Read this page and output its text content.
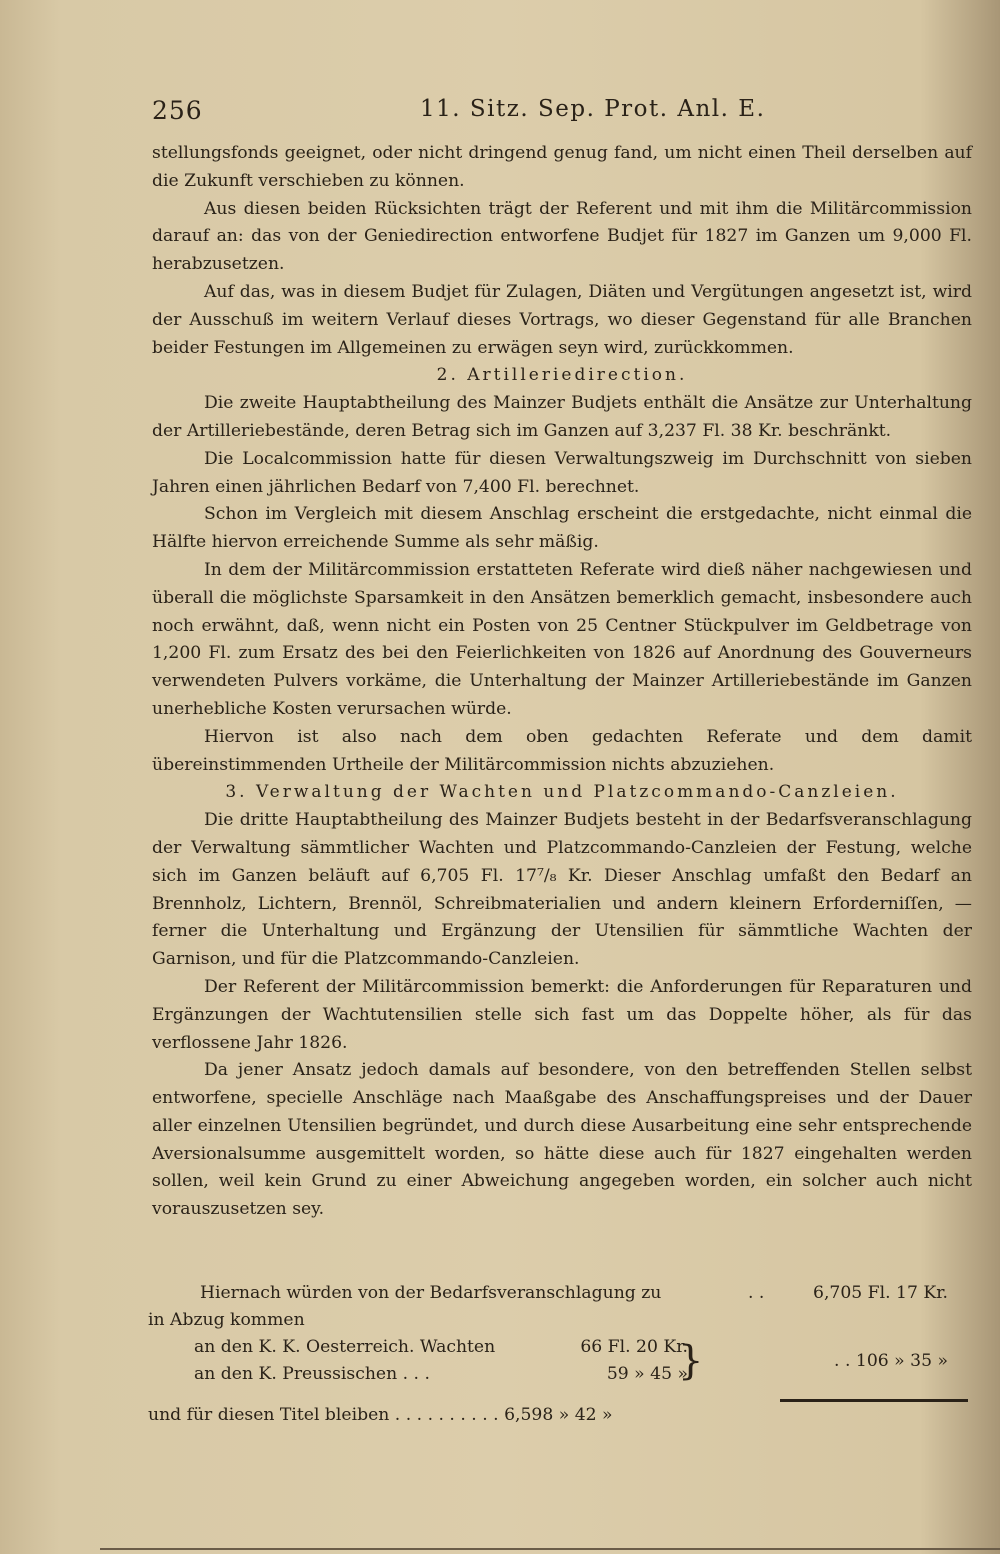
256	11. Sitz. Sep. Prot. Anl. E.

stellungsfonds geeignet, oder nicht dringend genug fand, um nicht einen Theil derselben auf die Zukunft verschieben zu können.

Aus diesen beiden Rücksichten trägt der Referent und mit ihm die Militärcommission darauf an: das von der Geniedirection entworfene Budjet für 1827 im Ganzen um 9,000 Fl. herabzusetzen.

Auf das, was in diesem Budjet für Zulagen, Diäten und Vergütungen angesetzt ist, wird der Ausschuß im weitern Verlauf dieses Vortrags, wo dieser Gegenstand für alle Branchen beider Festungen im Allgemeinen zu erwägen seyn wird, zurückkommen.

2. Artilleriedirection.

Die zweite Hauptabtheilung des Mainzer Budjets enthält die Ansätze zur Unterhaltung der Artilleriebestände, deren Betrag sich im Ganzen auf 3,237 Fl. 38 Kr. beschränkt.

Die Localcommission hatte für diesen Verwaltungszweig im Durchschnitt von sieben Jahren einen jährlichen Bedarf von 7,400 Fl. berechnet.

Schon im Vergleich mit diesem Anschlag erscheint die erstgedachte, nicht einmal die Hälfte hiervon erreichende Summe als sehr mäßig.

In dem der Militärcommission erstatteten Referate wird dieß näher nachgewiesen und überall die möglichste Sparsamkeit in den Ansätzen bemerklich gemacht, insbesondere auch noch erwähnt, daß, wenn nicht ein Posten von 25 Centner Stückpulver im Geldbetrage von 1,200 Fl. zum Ersatz des bei den Feierlichkeiten von 1826 auf Anordnung des Gouverneurs verwendeten Pulvers vorkäme, die Unterhaltung der Mainzer Artilleriebestände im Ganzen unerhebliche Kosten verursachen würde.

Hiervon ist also nach dem oben gedachten Referate und dem damit übereinstimmenden Urtheile der Militärcommission nichts abzuziehen.

3. Verwaltung der Wachten und Platzcommando-Canzleien.

Die dritte Hauptabtheilung des Mainzer Budjets besteht in der Bedarfsveranschlagung der Verwaltung sämmtlicher Wachten und Platzcommando-Canzleien der Festung, welche sich im Ganzen beläuft auf 6,705 Fl. 17⁷/₈ Kr. Dieser Anschlag umfaßt den Bedarf an Brennholz, Lichtern, Brennöl, Schreibmaterialien und andern kleinern Erforderniſſen, — ferner die Unterhaltung und Ergänzung der Utensilien für sämmtliche Wachten der Garnison, und für die Platzcommando-Canzleien.

Der Referent der Militärcommission bemerkt: die Anforderungen für Reparaturen und Ergänzungen der Wachtutensilien stelle sich fast um das Doppelte höher, als für das verflossene Jahr 1826.

Da jener Ansatz jedoch damals auf besondere, von den betreffenden Stellen selbst entworfene, specielle Anschläge nach Maaßgabe des Anschaffungspreises und der Dauer aller einzelnen Utensilien begründet, und durch diese Ausarbeitung eine sehr entsprechende Aversionalsumme ausgemittelt worden, so hätte diese auch für 1827 eingehalten werden sollen, weil kein Grund zu einer Abweichung angegeben worden, ein solcher auch nicht vorauszusetzen sey.

Hiernach würden von der Bedarfsveranschlagung zu	. .	6,705 Fl. 17 Kr.
in Abzug kommen
an den K. K. Oesterreich. Wachten	66 Fl. 20 Kr.
an den K. Preussischen . . .	59 » 45 »
}	. . 106 » 35 »
und für diesen Titel bleiben . . . . . . . . . . 6,598 » 42 »
